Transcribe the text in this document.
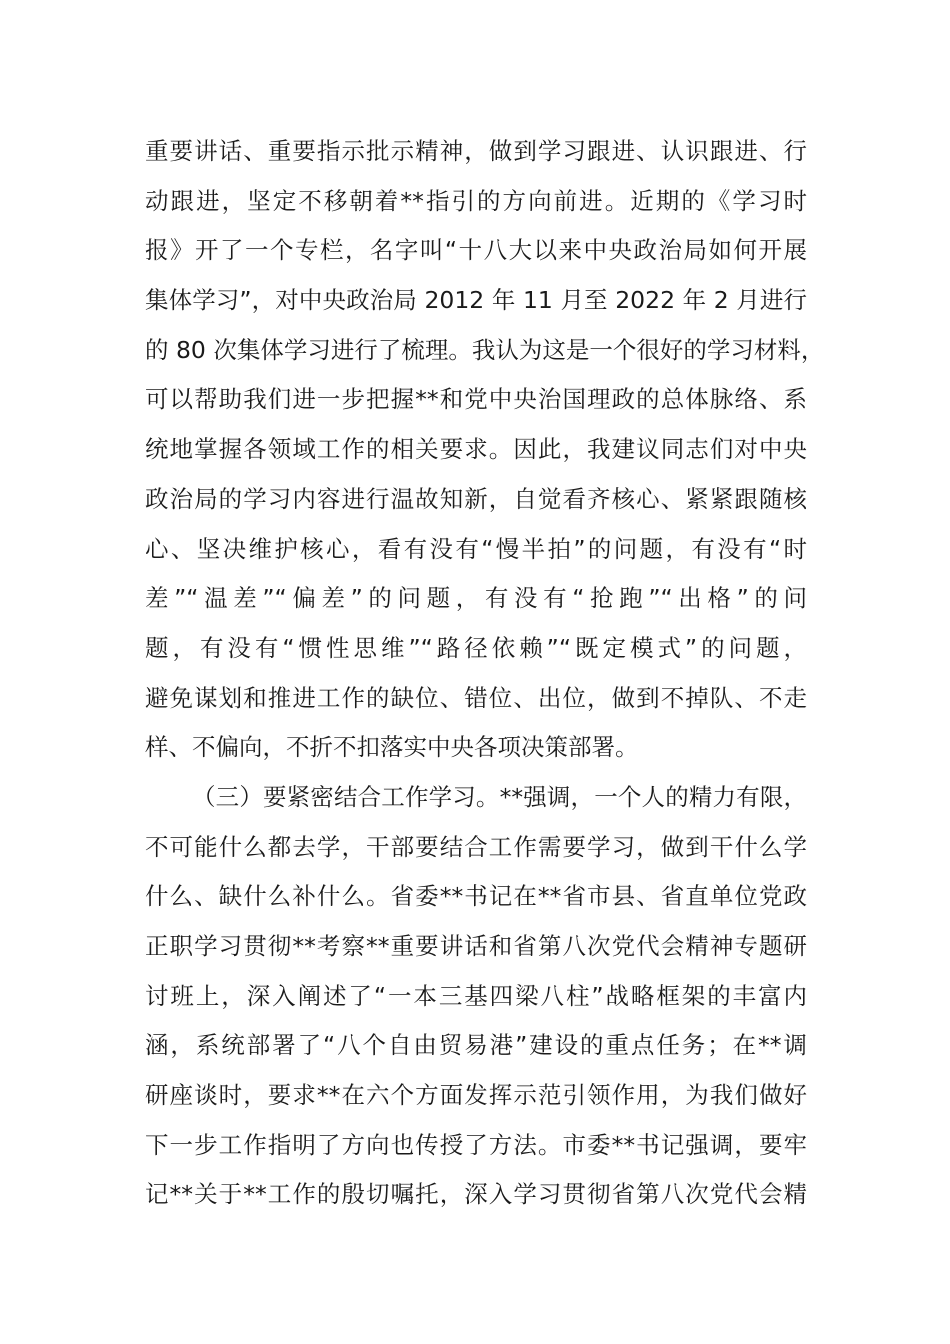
重要讲话、重要指示批示精神，做到学习跟进、认识跟进、行
动跟进，坚定不移朝着**指引的方向前进。近期的《学习时
报》开了一个专栏，名字叫“十八大以来中央政治局如何开展
集体学习”，对中央政治局 2012 年 11 月至 2022 年 2 月进行
的 80 次集体学习进行了梳理。我认为这是一个很好的学习材料，
可以帮助我们进一步把握**和党中央治国理政的总体脉络、系
统地掌握各领域工作的相关要求。因此，我建议同志们对中央
政治局的学习内容进行温故知新，自觉看齐核心、紧紧跟随核
心、坚决维护核心，看有没有“慢半拍”的问题，有没有“时
差”“温差”“偏差”的问题，有没有“抢跑”“出格”的问
题，有没有“惯性思维”“路径依赖”“既定模式”的问题，
避免谋划和推进工作的缺位、错位、出位，做到不掉队、不走
样、不偏向，不折不扣落实中央各项决策部署。
（三）要紧密结合工作学习。**强调，一个人的精力有限，
不可能什么都去学，干部要结合工作需要学习，做到干什么学
什么、缺什么补什么。省委**书记在**省市县、省直单位党政
正职学习贯彻**考察**重要讲话和省第八次党代会精神专题研
讨班上，深入阐述了“一本三基四梁八柱”战略框架的丰富内
涵，系统部署了“八个自由贸易港”建设的重点任务；在**调
研座谈时，要求**在六个方面发挥示范引领作用，为我们做好
下一步工作指明了方向也传授了方法。市委**书记强调，要牢
记**关于**工作的殷切嘱托，深入学习贯彻省第八次党代会精
